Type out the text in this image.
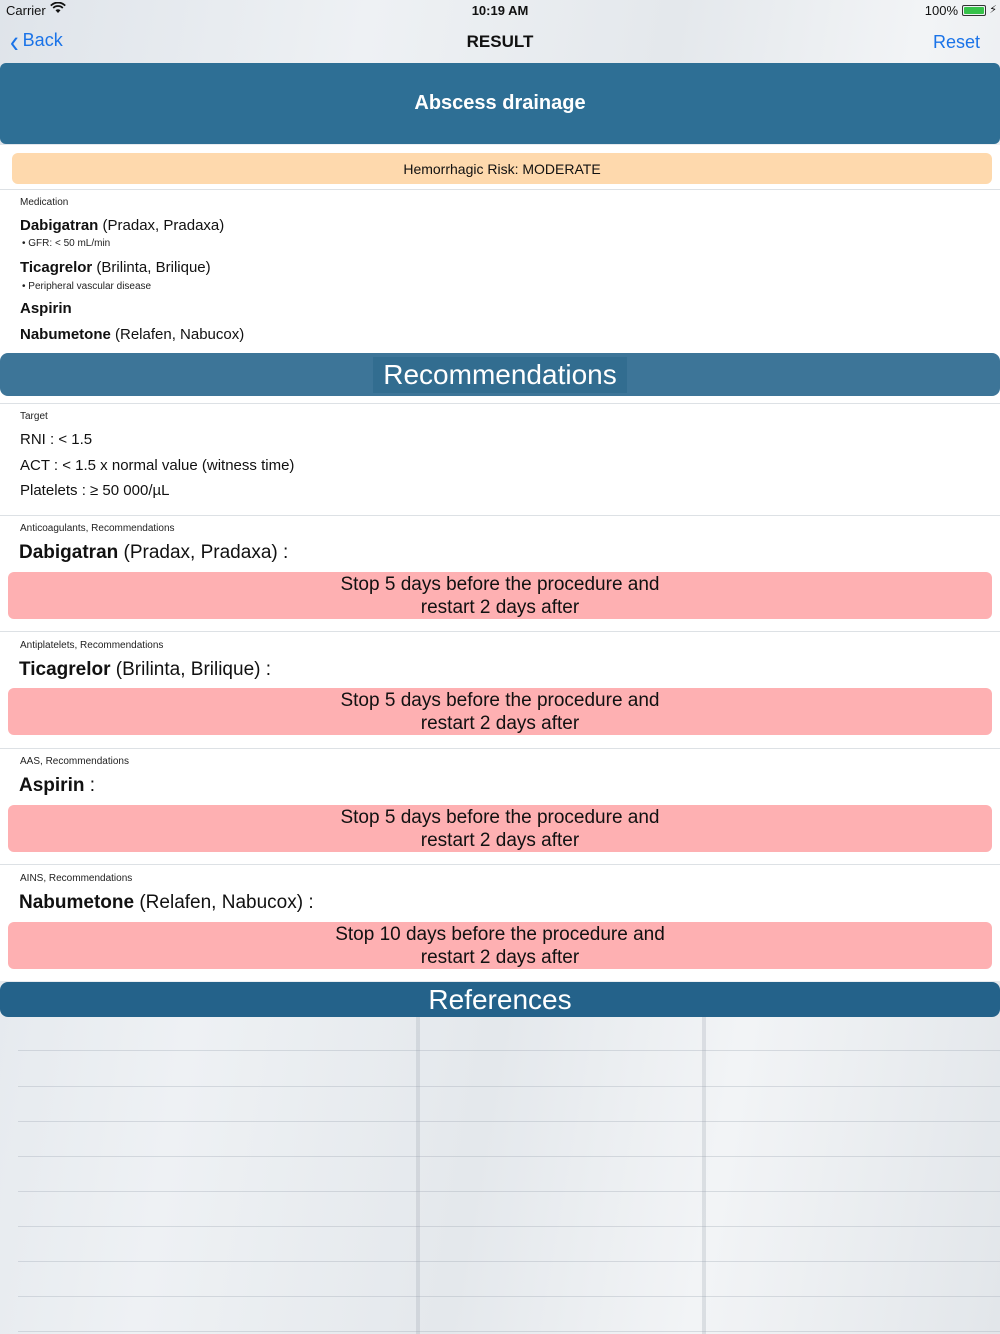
Carrier	10:19 AM	100%	⚡
‹ Back	RESULT	Reset
Abscess drainage
Hemorrhagic Risk: MODERATE
Medication
Dabigatran (Pradax, Pradaxa)
• GFR: < 50 mL/min
Ticagrelor (Brilinta, Brilique)
• Peripheral vascular disease
Aspirin
Nabumetone (Relafen, Nabucox)
Recommendations
Target
RNI : < 1.5
ACT : < 1.5 x normal value (witness time)
Platelets : ≥ 50 000/µL
Anticoagulants, Recommendations
Dabigatran (Pradax, Pradaxa) :
Stop 5 days before the procedure and
restart 2 days after
Antiplatelets, Recommendations
Ticagrelor (Brilinta, Brilique) :
Stop 5 days before the procedure and
restart 2 days after
AAS, Recommendations
Aspirin :
Stop 5 days before the procedure and
restart 2 days after
AINS, Recommendations
Nabumetone (Relafen, Nabucox) :
Stop 10 days before the procedure and
restart 2 days after
References
